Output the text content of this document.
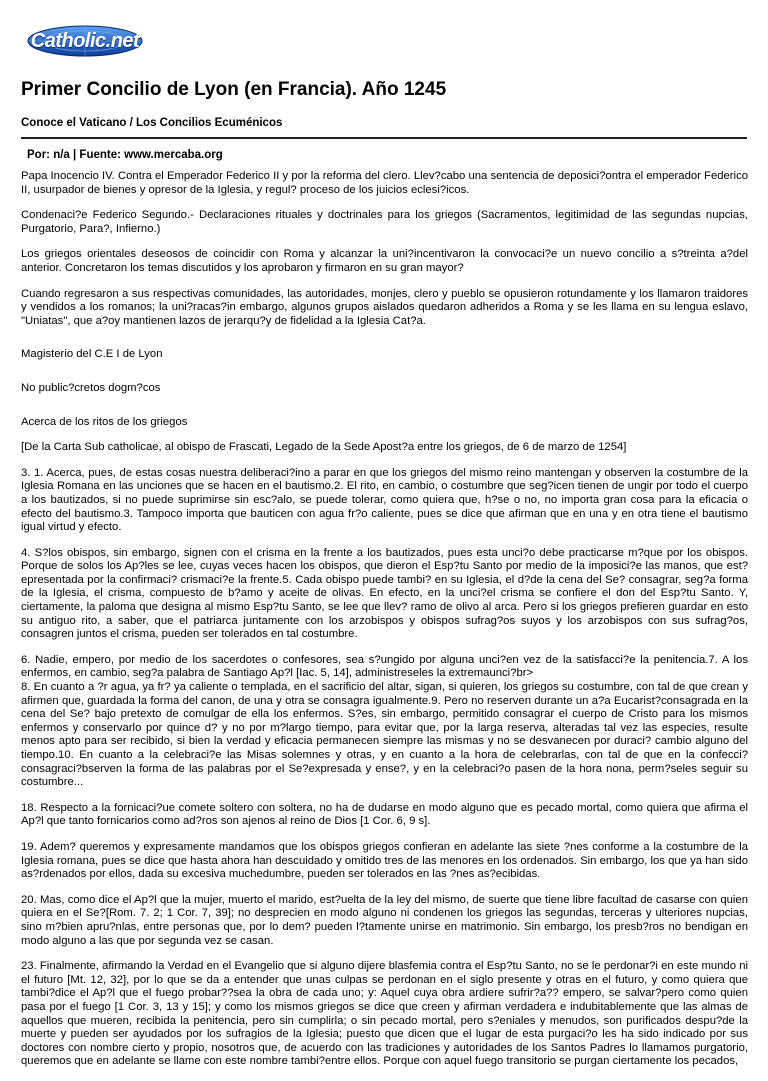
Catholic.net
Primer Concilio de Lyon (en Francia). Año 1245
Conoce el Vaticano / Los Concilios Ecuménicos
Por: n/a | Fuente: www.mercaba.org

Papa Inocencio IV. Contra el Emperador Federico II y por la reforma del clero. Llev?cabo una sentencia de deposici?ontra el emperador Federico II, usurpador de bienes y opresor de la Iglesia, y regul? proceso de los juicios eclesi?icos.

Condenaci?e Federico Segundo.- Declaraciones rituales y doctrinales para los griegos (Sacramentos, legitimidad de las segundas nupcias, Purgatorio, Para?, Infierno.)

Los griegos orientales deseosos de coincidir con Roma y alcanzar la uni?incentivaron la convocaci?e un nuevo concilio a s?treinta a?del anterior. Concretaron los temas discutidos y los aprobaron y firmaron en su gran mayor?

Cuando regresaron a sus respectivas comunidades, las autoridades, monjes, clero y pueblo se opusieron rotundamente y los llamaron traidores y vendidos a los romanos; la uni?racas?in embargo, algunos grupos aislados quedaron adheridos a Roma y se les llama en su lengua eslavo, "Uniatas", que a?oy mantienen lazos de jerarqu?y de fidelidad a la Iglesia Cat?a.

Magisterio del C.E I de Lyon

No public?cretos dogm?cos

Acerca de los ritos de los griegos

[De la Carta Sub catholicae, al obispo de Frascati, Legado de la Sede Apost?a entre los griegos, de 6 de marzo de 1254]

3. 1. Acerca, pues, de estas cosas nuestra deliberaci?ino a parar en que los griegos del mismo reino mantengan y observen la costumbre de la Iglesia Romana en las unciones que se hacen en el bautismo.2. El rito, en cambio, o costumbre que seg?icen tienen de ungir por todo el cuerpo a los bautizados, si no puede suprimirse sin esc?alo, se puede tolerar, como quiera que, h?se o no, no importa gran cosa para la eficacia o efecto del bautismo.3. Tampoco importa que bauticen con agua fr?o caliente, pues se dice que afirman que en una y en otra tiene el bautismo igual virtud y efecto.

4. S?los obispos, sin embargo, signen con el crisma en la frente a los bautizados, pues esta unci?o debe practicarse m?que por los obispos. Porque de solos los Ap?les se lee, cuyas veces hacen los obispos, que dieron el Esp?tu Santo por medio de la imposici?e las manos, que est?epresentada por la confirmaci? crismaci?e la frente.5. Cada obispo puede tambi? en su Iglesia, el d?de la cena del Se? consagrar, seg?a forma de la Iglesia, el crisma, compuesto de b?amo y aceite de olivas. En efecto, en la unci?el crisma se confiere el don del Esp?tu Santo. Y, ciertamente, la paloma que designa al mismo Esp?tu Santo, se lee que llev? ramo de olivo al arca. Pero si los griegos prefieren guardar en esto su antiguo rito, a saber, que el patriarca juntamente con los arzobispos y obispos sufrag?os suyos y los arzobispos con sus sufrag?os, consagren juntos el crisma, pueden ser tolerados en tal costumbre.

6. Nadie, empero, por medio de los sacerdotes o confesores, sea s?ungido por alguna unci?en vez de la satisfacci?e la penitencia.7. A los enfermos, en cambio, seg?a palabra de Santiago Ap?l [Iac. 5, 14], administreseles la extremaunci?br>

8. En cuanto a ?r agua, ya fr? ya caliente o templada, en el sacrificio del altar, sigan, si quieren, los griegos su costumbre, con tal de que crean y afirmen que, guardada la forma del canon, de una y otra se consagra igualmente.9. Pero no reserven durante un a?a Eucarist?consagrada en la cena del Se? bajo pretexto de comulgar de ella los enfermos. S?es, sin embargo, permitido consagrar el cuerpo de Cristo para los mismos enfermos y conservarlo por quince d? y no por m?largo tiempo, para evitar que, por la larga reserva, alteradas tal vez las especies, resulte menos apto para ser recibido, si bien la verdad y eficacia permanecen siempre las mismas y no se desvanecen por duraci? cambio alguno del tiempo.10. En cuanto a la celebraci?e las Misas solemnes y otras, y en cuanto a la hora de celebrarlas, con tal de que en la confecci? consagraci?bserven la forma de las palabras por el Se?expresada y ense?, y en la celebraci?o pasen de la hora nona, perm?seles seguir su costumbre...

18. Respecto a la fornicaci?ue comete soltero con soltera, no ha de dudarse en modo alguno que es pecado mortal, como quiera que afirma el Ap?l que tanto fornicarios como ad?ros son ajenos al reino de Dios [1 Cor. 6, 9 s].

19. Adem? queremos y expresamente mandamos que los obispos griegos confieran en adelante las siete ?nes conforme a la costumbre de la Iglesia romana, pues se dice que hasta ahora han descuidado y omitido tres de las menores en los ordenados. Sin embargo, los que ya han sido as?rdenados por ellos, dada su excesiva muchedumbre, pueden ser tolerados en las ?nes as?ecibidas.

20. Mas, como dice el Ap?l que la mujer, muerto el marido, est?uelta de la ley del mismo, de suerte que tiene libre facultad de casarse con quien quiera en el Se?[Rom. 7. 2; 1 Cor. 7, 39]; no desprecien en modo alguno ni condenen los griegos las segundas, terceras y ulteriores nupcias, sino m?bien apru?nlas, entre personas que, por lo dem? pueden l?tamente unirse en matrimonio. Sin embargo, los presb?ros no bendigan en modo alguno a las que por segunda vez se casan.

23. Finalmente, afirmando la Verdad en el Evangelio que si alguno dijere blasfemia contra el Esp?tu Santo, no se le perdonar?i en este mundo ni el futuro [Mt. 12, 32], por lo que se da a entender que unas culpas se perdonan en el siglo presente y otras en el futuro, y como quiera que tambi?dice el Ap?l que el fuego probar??sea la obra de cada uno; y: Aquel cuya obra ardiere sufrir?a?? empero, se salvar?pero como quien pasa por el fuego [1 Cor. 3, 13 y 15]; y como los mismos griegos se dice que creen y afirman verdadera e indubitablemente que las almas de aquellos que mueren, recibida la penitencia, pero sin cumplirla; o sin pecado mortal, pero s?eniales y menudos, son purificados despu?de la muerte y pueden ser ayudados por los sufragios de la Iglesia; puesto que dicen que el lugar de esta purgaci?o les ha sido indicado por sus doctores con nombre cierto y propio, nosotros que, de acuerdo con las tradiciones y autoridades de los Santos Padres lo llamamos purgatorio, queremos que en adelante se llame con este nombre tambi?entre ellos. Porque con aquel fuego transitorio se purgan ciertamente los pecados,
